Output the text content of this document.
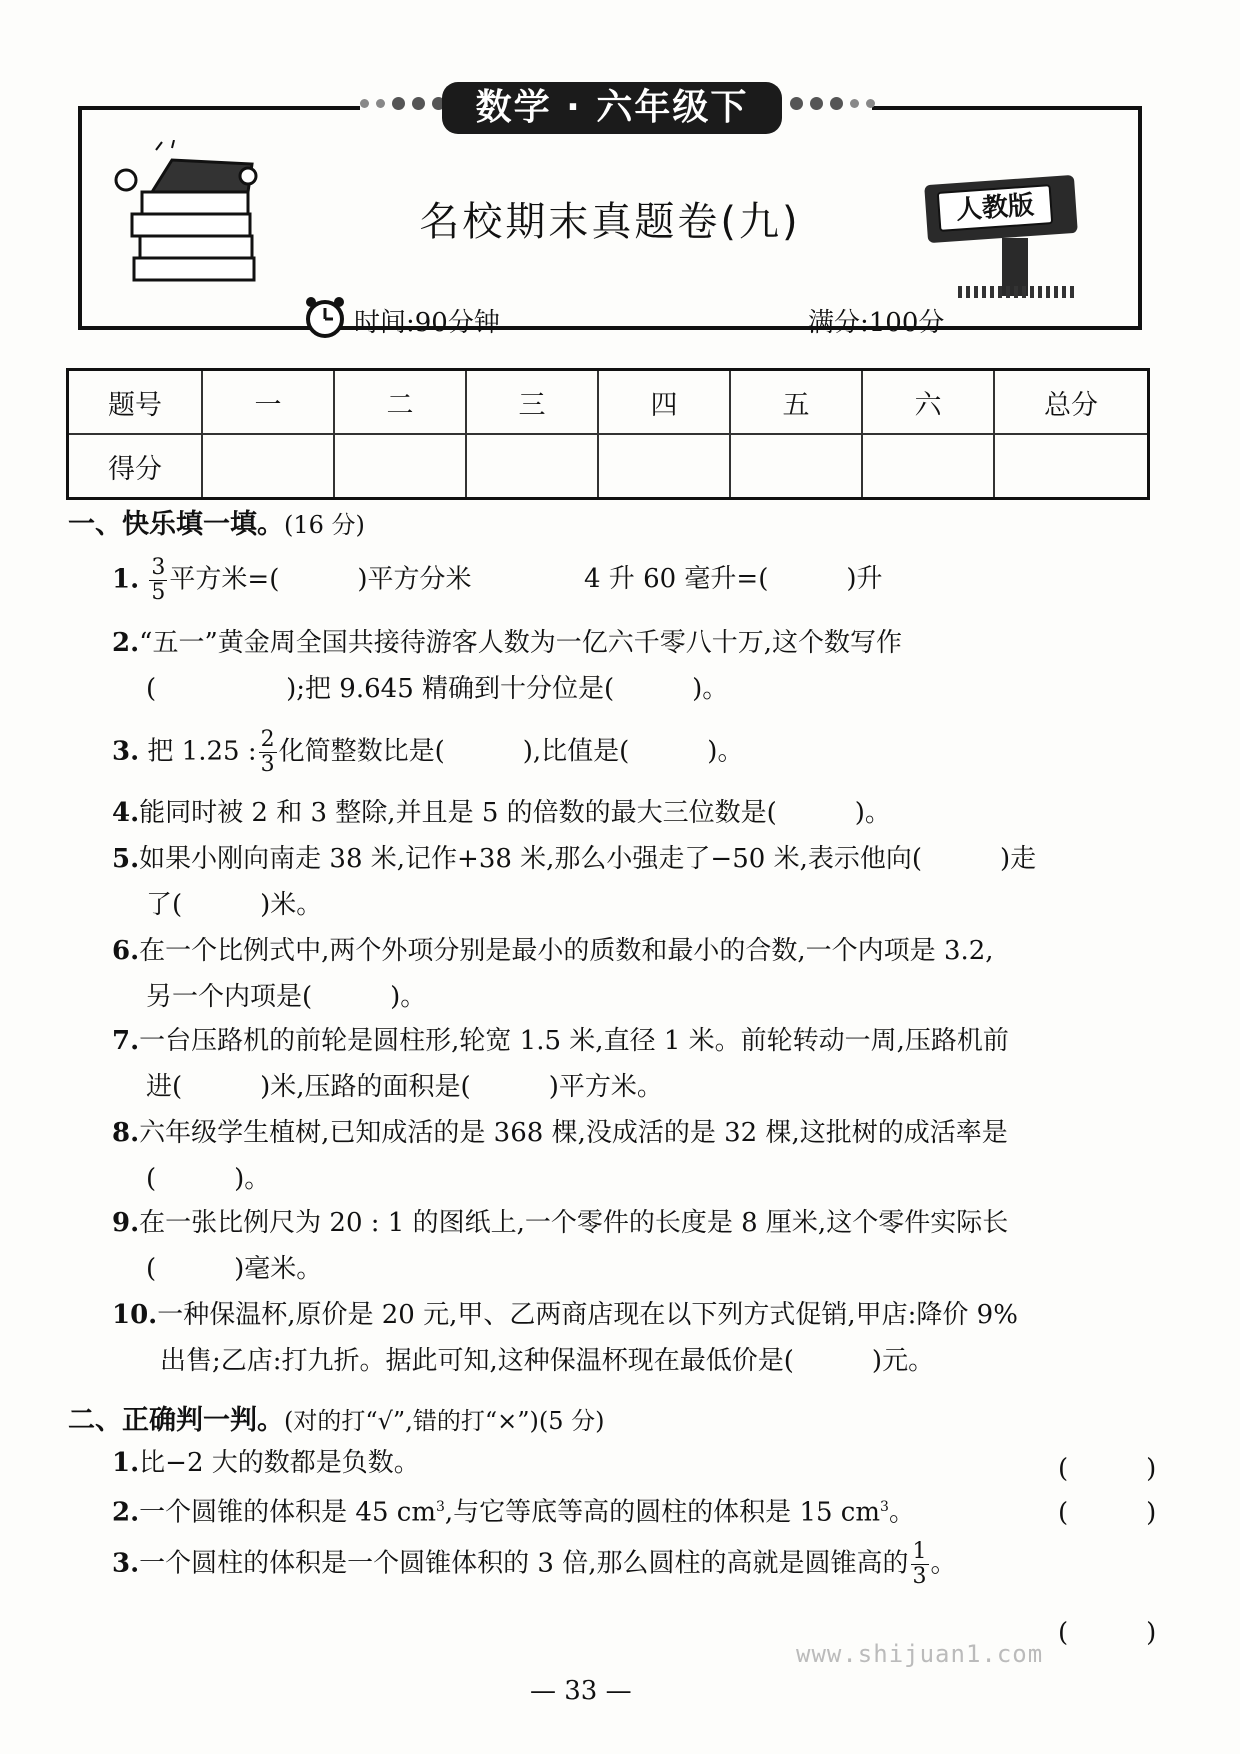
数学 · 六年级下
名校期末真题卷(九)	人教版
时间:90分钟	满分:100分
题号	一	二	三	四	五	六	总分
得分							
一、快乐填一填。(16 分)
1. $\frac{3}{5}$ 平方米=(　　　)平方分米	4 升 60 毫升=(　　　)升
2.“五一”黄金周全国共接待游客人数为一亿六千零八十万,这个数写作
(　　　　　);把 9.645 精确到十分位是(　　　)。
3. 把 1.25 : $\frac{2}{3}$ 化简整数比是(　　　),比值是(　　　)。
4.能同时被 2 和 3 整除,并且是 5 的倍数的最大三位数是(　　　)。
5.如果小刚向南走 38 米,记作+38 米,那么小强走了−50 米,表示他向(　　　)走
了(　　　)米。
6.在一个比例式中,两个外项分别是最小的质数和最小的合数,一个内项是 3.2,
另一个内项是(　　　)。
7.一台压路机的前轮是圆柱形,轮宽 1.5 米,直径 1 米。前轮转动一周,压路机前
进(　　　)米,压路的面积是(　　　)平方米。
8.六年级学生植树,已知成活的是 368 棵,没成活的是 32 棵,这批树的成活率是
(　　　)。
9.在一张比例尺为 20 : 1 的图纸上,一个零件的长度是 8 厘米,这个零件实际长
(　　　)毫米。
10.一种保温杯,原价是 20 元,甲、乙两商店现在以下列方式促销,甲店:降价 9%
出售;乙店:打九折。据此可知,这种保温杯现在最低价是(　　　)元。
二、正确判一判。(对的打“√”,错的打“×”)(5 分)
1.比−2 大的数都是负数。	(　　　)
2.一个圆锥的体积是 45 $cm^3$,与它等底等高的圆柱的体积是 15 $cm^3$。	(　　　)
3.一个圆柱的体积是一个圆锥体积的 3 倍,那么圆柱的高就是圆锥高的 $\frac{1}{3}$ 。
(　　　)
www.shijuan1.com
— 33 —
